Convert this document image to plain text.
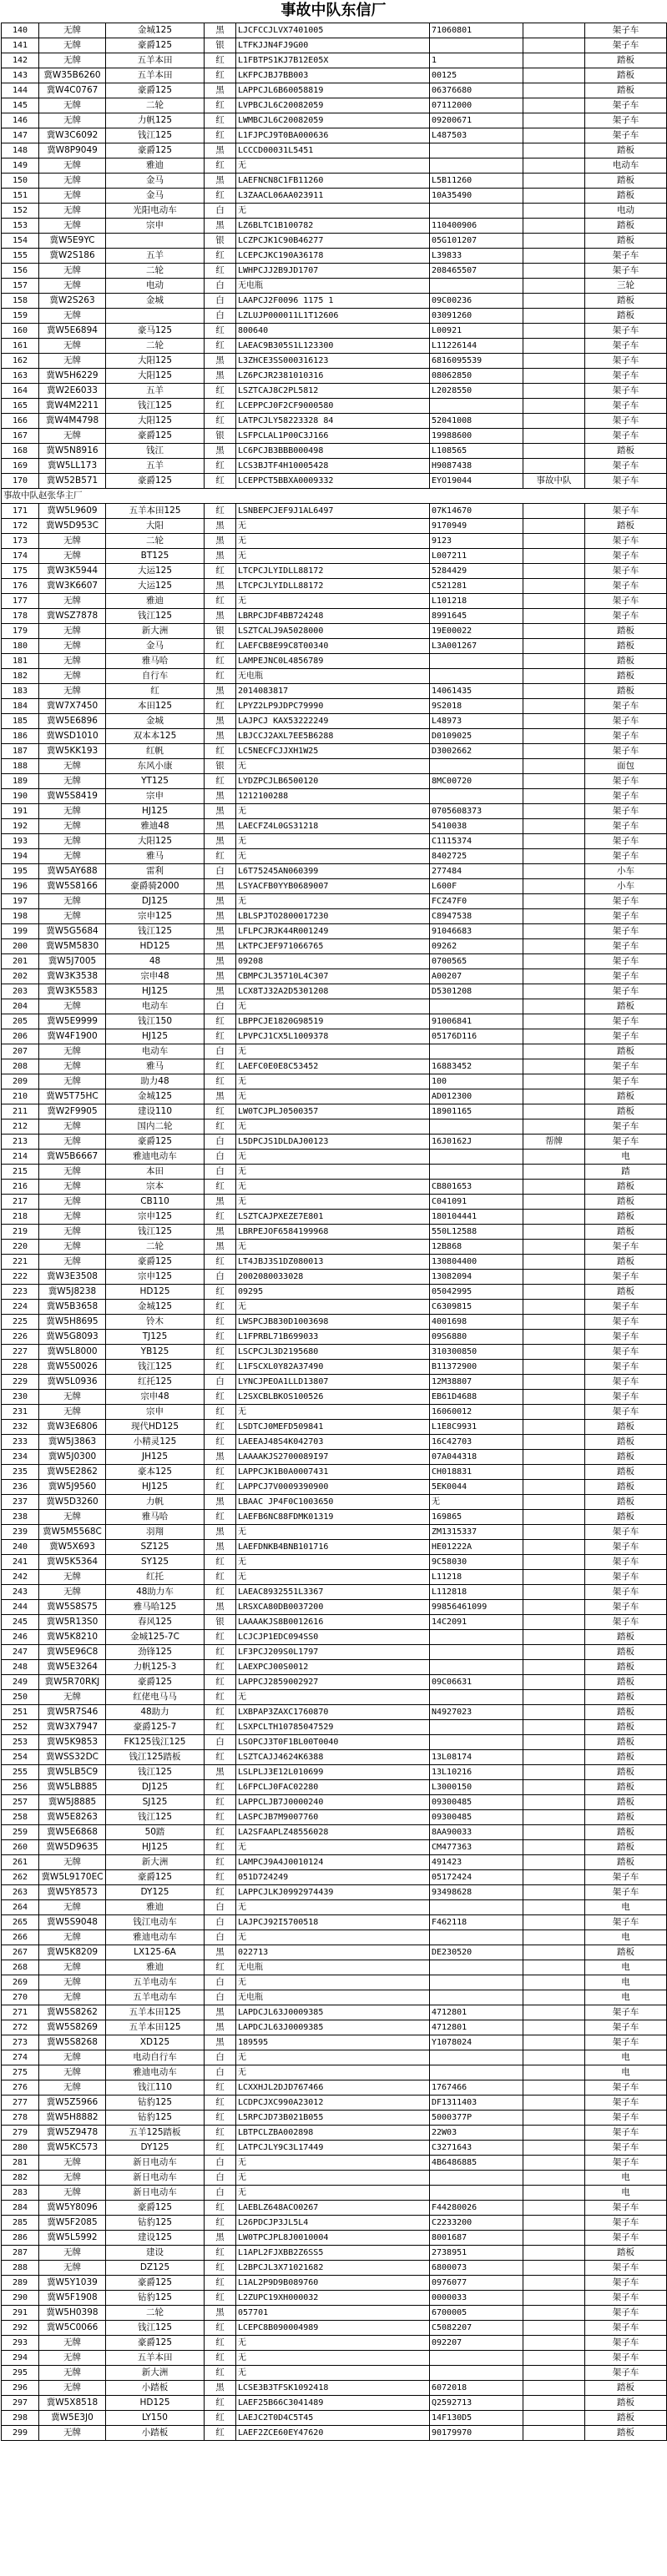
事故中队东信厂
140	无牌	金城125	黑	LJCFCCJLVX7401005	71060801		架子车
141	无牌	豪爵125	银	LTFKJJN4FJ9G00			架子车
142	无牌	五羊本田	红	L1FBTPS1KJ7B12E05X	1		踏板
143	冀W35B6260	五羊本田	红	LKFPCJBJ7BB003	00125		踏板
144	冀W4C0767	豪爵125	黑	LAPPCJL6B60058819	06376680		踏板
145	无牌	二轮	红	LVPBCJL6C20082059	07112000		架子车
146	无牌	力帆125	红	LWMBCJL6C20082059	09200671		架子车
147	冀W3C6092	钱江125	红	L1FJPCJ9T0BA000636	L487503		架子车
148	冀W8P9049	豪爵125	黑	LCCCD00031L5451			踏板
149	无牌	雅迪	红	无			电动车
150	无牌	金马	黑	LAEFNCN8C1FB11260	L5B11260		踏板
151	无牌	金马	红	L3ZAACL06AA023911	10A35490		踏板
152	无牌	光阳电动车	白	无			电动
153	无牌	宗申	黑	LZ6BLTC1B100782	110400906		踏板
154	冀W5E9YC		银	LCZPCJK1C90B46277	05G101207		踏板
155	冀W2S186	五羊	红	LCEPCJKC190A36178	L39833		架子车
156	无牌	二轮	红	LWHPCJJ2B9JD1707	208465507		架子车
157	无牌	电动	白	无电瓶			三轮
158	冀W2S263	金城	白	LAAPCJ2F0096 1175 1	09C00236		踏板
159	无牌		白	LZLUJP000011L1T12606	03091260		踏板
160	冀W5E6894	豪马125	红	800640	L00921		架子车
161	无牌	二轮	红	LAEAC9B305S1L123300	L11226144		架子车
162	无牌	大阳125	黑	L3ZHCE3SS000316123	6816095539		架子车
163	冀W5H6229	大阳125	黑	LZ6PCJR2381010316	08062850		架子车
164	冀W2E6033	五羊	红	LSZTCAJ8C2PL5812	L2028550		架子车
165	冀W4M2211	钱江125	红	LCEPPCJ0F2CF9000580			架子车
166	冀W4M4798	大阳125	红	LATPCJLY58223328 84	52041008		架子车
167	无牌	豪爵125	银	LSFPCLAL1P00C3J166	19988600		架子车
168	冀W5N8916	钱江	黑	LC6PCJB3BBB000498	L108565		踏板
169	冀W5LL173	五羊	红	LCS3BJTF4H10005428	H9087438		架子车
170	冀W52B571	豪爵125	红	LCEPPCT5BBXA0009332	EYO19044	事故中队	架子车
事故中队赵张华主厂							
171	冀W5L9609	五羊本田125	红	LSNBEPCJEF9J1AL6497	07K14670		架子车
172	冀W5D953C	大阳	黑	无	9170949		踏板
173	无牌	二轮	黑	无	9123		架子车
174	无牌	BT125	黑	无	L007211		架子车
175	冀W3K5944	大运125	红	LTCPCJLYIDLL88172	5284429		架子车
176	冀W3K6607	大运125	黑	LTCPCJLYIDLL88172	C521281		架子车
177	无牌	雅迪	红	无	L101218		架子车
178	冀WSZ7878	钱江125	黑	LBRPCJDF4BB724248	8991645		架子车
179	无牌	新大洲	银	LSZTCALJ9A5028000	19E00022		踏板
180	无牌	金马	红	LAEFCB8E99C8T00340	L3A001267		踏板
181	无牌	雅马哈	红	LAMPEJNC0L4856789			踏板
182	无牌	自行车	红	无电瓶			踏板
183	无牌	红	黑	2014083817	14061435		踏板
184	冀W7X7450	本田125	红	LPYZ2LP9JDPC79990	9S2018		架子车
185	冀W5E6896	金城	黑	LAJPCJ KAX53222249	L48973		架子车
186	冀WSD1010	双本本125	黑	LBJCCJ2AXL7EE5B6288	D0109025		架子车
187	冀W5KK193	红帆	红	LC5NECFCJJXH1W25	D3002662		架子车
188	无牌	东风小康	银	无			面包
189	无牌	YT125	红	LYDZPCJLB6500120	8MC00720		架子车
190	冀W5S8419	宗申	黑	1212100288			架子车
191	无牌	HJ125	黑	无	0705608373		架子车
192	无牌	雅迪48	黑	LAECFZ4L0GS31218	5410038		架子车
193	无牌	大阳125	黑	无	C1115374		架子车
194	无牌	雅马	红	无	8402725		架子车
195	冀W5AY688	雷利	白	L6T75245AN060399	277484		小车
196	冀W5S8166	豪爵骑2000	黑	LSYACFB0YYB0689007	L600F		小车
197	无牌	DJ125	黑	无	FCZ47F0		架子车
198	无牌	宗申125	黑	LBLSPJTO2800017230	C8947538		架子车
199	冀W5G5684	钱江125	黑	LFLPCJRJK44R001249	91046683		架子车
200	冀W5M5830	HD125	黑	LKTPCJEF971066765	09262		架子车
201	冀W5J7005	48	黑	09208	0700565		架子车
202	冀W3K3538	宗申48	黑	CBMPCJL35710L4C307	A00207		架子车
203	冀W3K5583	HJ125	黑	LCX8TJ32A2D5301208	D5301208		架子车
204	无牌	电动车	白	无			踏板
205	冀W5E9999	钱江150	红	LBPPCJE1820G98519	91006841		架子车
206	冀W4F1900	HJ125	红	LPVPCJ1CX5L1009378	05176D116		架子车
207	无牌	电动车	白	无			踏板
208	无牌	雅马	红	LAEFC0E0E8C53452	16883452		架子车
209	无牌	助力48	红	无	100		架子车
210	冀W5T75HC	金城125	黑	无	AD012300		踏板
211	冀W2F9905	建设110	红	LW0TCJPLJ0500357	18901165		踏板
212	无牌	国内二轮	红	无			架子车
213	无牌	豪爵125	白	L5DPCJS1DLDAJ00123	16J0162J	帮牌	架子车
214	冀W5B6667	雅迪电动车	白	无			电
215	无牌	本田	白	无			踏
216	无牌	宗本	红	无	CB801653		踏板
217	无牌	CB110	黑	无	C041091		踏板
218	无牌	宗申125	红	LSZTCAJPXEZE7E801	180104441		踏板
219	无牌	钱江125	黑	LBRPEJOF6584199968	550L12588		踏板
220	无牌	二轮	黑	无	12B868		架子车
221	无牌	豪爵125	红	LT4JBJ3S1DZ080013	130804400		踏板
222	冀W3E3508	宗申125	白	2002080033028	13082094		架子车
223	冀W5J8238	HD125	红	09295	05042995		踏板
224	冀W5B3658	金城125	红	无	C6309815		架子车
225	冀W5H8695	铃木	红	LWSPCJB830D1003698	4001698		架子车
226	冀W5G8093	TJ125	红	L1FPRBL71B699033	09S6880		架子车
227	冀W5L8000	YB125	红	LSCPCJL3D2195680	310300850		架子车
228	冀W5S0026	钱江125	红	L1FSCXL0Y82A37490	B11372900		架子车
229	冀W5L0936	红托125	白	LYNCJPEOA1LLD13807	12M38807		架子车
230	无牌	宗申48	红	L2SXCBLBKOS100526	EB61D4688		架子车
231	无牌	宗申	红	无	16060012		架子车
232	冀W3E6806	现代HD125	红	LSDTCJ0MEFD509841	L1E8C9931		踏板
233	冀W5J3863	小精灵125	红	LAEEAJ48S4K042703	16C42703		踏板
234	冀W5J0300	JH125	黑	LAAAAKJS2700089I97	07A044318		踏板
235	冀W5E2862	豪本125	红	LAPPCJK1B0A0007431	CH018831		踏板
236	冀W5J9560	HJ125	红	LAPPCJ7V0009390900	5EK0044		踏板
237	冀W5D3260	力帆	黑	LBAAC JP4F0C1003650	无		踏板
238	无牌	雅马哈	红	LAEFB6NC88FDMK01319	169865		踏板
239	冀W5M5568C	羽翔	黑	无	ZM1315337		架子车
240	冀W5X693	SZ125	黑	LAEFDNKB4BNB101716	HE01222A		架子车
241	冀W5K5364	SY125	红	无	9C58030		架子车
242	无牌	红托	红	无	L11218		架子车
243	无牌	48助力车	红	LAEAC8932551L3367	L112818		架子车
244	冀W5S8S75	雅马哈125	黑	LRSXCA80DB0037200	99856461099		架子车
245	冀W5R13S0	春风125	银	LAAAAKJS8B0012616	14C2091		架子车
246	冀W5K8210	金城125-7C	红	LCJCJP1EDC094SS0			踏板
247	冀W5E96C8	劲锋125	红	LF3PCJ209S0L1797			踏板
248	冀W5E3264	力帆125-3	红	LAEXPCJ00S0012			踏板
249	冀W5R70RKJ	豪爵125	红	LAPPCJ2859002927	09C06631		踏板
250	无牌	红佬电马马	红	无			踏板
251	冀W5R7S46	48助力	红	LXBPAP3ZAXC1760870	N4927023		踏板
252	冀W3X7947	豪爵125-7	红	LSXPCLTH10785047529			踏板
253	冀W5K9853	FK125钱江125	白	LSOPCJ3T0F1BL00T0040			踏板
254	冀WSS32DC	钱江125踏板	红	LSZTCAJJ4624K6388	13L08174		踏板
255	冀W5LB5C9	钱江125	黑	LSLPLJ3E12L010699	13L10216		踏板
256	冀W5LB885	DJ125	红	L6FPCLJ0FAC02280	L3000150		踏板
257	冀W5J8885	SJ125	红	LAPPCLJB7J0000240	09300485		踏板
258	冀W5E8263	钱江125	红	LASPCJB7M9007760	09300485		踏板
259	冀W5E6868	50踏	红	LA2SFAAPLZ48556028	8AA90033		踏板
260	冀W5D9635	HJ125	红	无	CM477363		踏板
261	无牌	新大洲	红	LAMPCJ9A4J0010124	491423		踏板
262	冀W5L9170EC	豪爵125	红	051D724249	05172424		架子车
263	冀W5Y8573	DY125	红	LAPPCJLKJ0992974439	93498628		架子车
264	无牌	雅迪	白	无			电
265	冀W5S9048	钱江电动车	白	LAJPCJ92I5700518	F462118		架子车
266	无牌	雅迪电动车	白	无			电
267	冀W5K8209	LX125-6A	黑	022713	DE230520		踏板
268	无牌	雅迪	红	无电瓶			电
269	无牌	五羊电动车	白	无			电
270	无牌	五羊电动车	白	无电瓶			电
271	冀W5S8262	五羊本田125	黑	LAPDCJL63J0009385	4712801		架子车
272	冀W5S8269	五羊本田125	黑	LAPDCJL63J0009385	4712801		架子车
273	冀W5S8268	XD125	黑	189595	Y1078024		架子车
274	无牌	电动自行车	白	无			电
275	无牌	雅迪电动车	白	无			电
276	无牌	钱江110	红	LCXXHJL2DJD767466	1767466		架子车
277	冀W5Z5966	钻豹125	红	LCDPCJXC990A23012	DF1311403		架子车
278	冀W5H8882	钻豹125	红	L5RPCJD73B021B055	5000377P		架子车
279	冀W5Z9478	五羊125踏板	红	LBTPCLZBA002898	22W03		架子车
280	冀W5KC573	DY125	红	LATPCJLY9C3L17449	C3271643		架子车
281	无牌	新日电动车	白	无	4B6486885		架子车
282	无牌	新日电动车	白	无			电
283	无牌	新日电动车	白	无			电
284	冀W5Y8096	豪爵125	红	LAEBLZ648ACO0267	F44280026		架子车
285	冀W5F2085	钻豹125	红	L26PDCJP3JL5L4	C2233200		架子车
286	冀W5L5992	建设125	黑	LW0TPCJPL8J0010004	8001687		架子车
287	无牌	建设	红	L1APL2FJXBB2Z6SS5	2738951		踏板
288	无牌	DZ125	红	L2BPCJL3X71021682	6800073		架子车
289	冀W5Y1039	豪爵125	红	L1AL2P9D9B089760	0976077		架子车
290	冀W5F1908	钻豹125	红	L2ZUPC19XH000032	0000033		架子车
291	冀W5H0398	二轮	黑	057701	6700005		架子车
292	冀W5C0066	钱江125	红	LCEPC8B090004989	C5082207		架子车
293	无牌	豪爵125	红	无	092207		架子车
294	无牌	五羊本田	红	无			架子车
295	无牌	新大洲	红	无			架子车
296	无牌	小踏板	黑	LCSE3B3TFSK1092418	6072018		踏板
297	冀W5X8518	HD125	红	LAEF25B66C3041489	Q2592713		踏板
298	冀W5E3J0	LY150	红	LAEJC2T0D4C5T45	14F130D5		踏板
299	无牌	小踏板	红	LAEF2ZCE60EY47620	90179970		踏板
